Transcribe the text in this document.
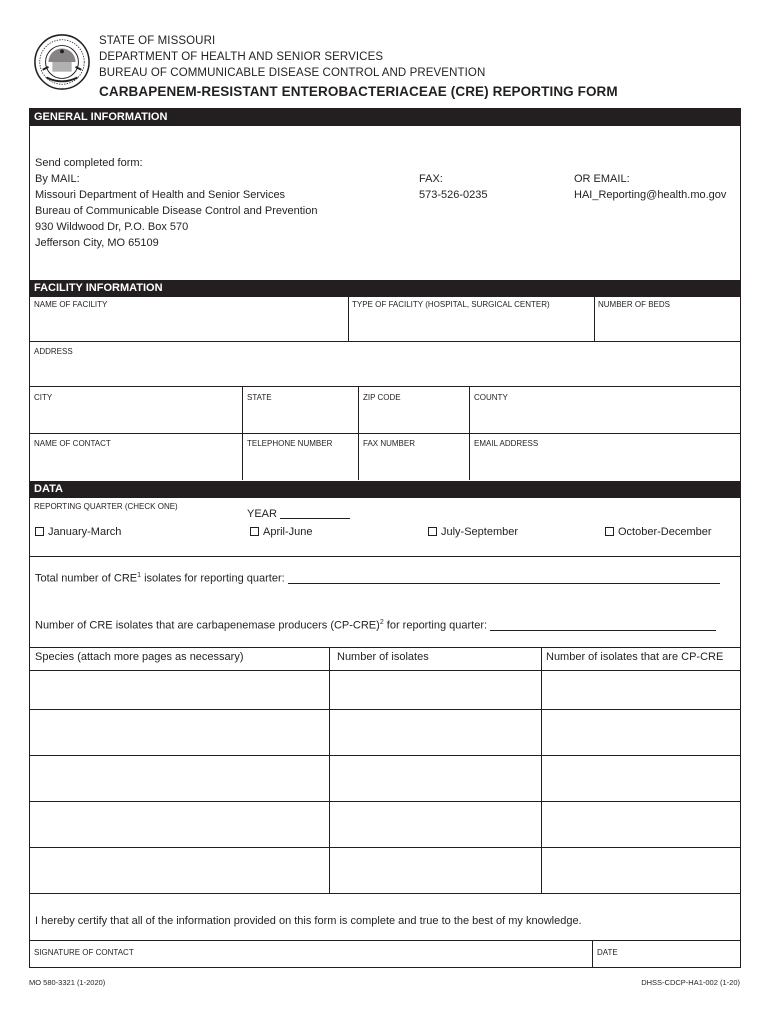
STATE OF MISSOURI
DEPARTMENT OF HEALTH AND SENIOR SERVICES
BUREAU OF COMMUNICABLE DISEASE CONTROL AND PREVENTION
CARBAPENEM-RESISTANT ENTEROBACTERIACEAE (CRE) REPORTING FORM
GENERAL INFORMATION
Send completed form:
By MAIL:
Missouri Department of Health and Senior Services
Bureau of Communicable Disease Control and Prevention
930 Wildwood Dr, P.O. Box 570
Jefferson City, MO 65109
FAX:
573-526-0235
OR EMAIL:
HAI_Reporting@health.mo.gov
FACILITY INFORMATION
NAME OF FACILITY	TYPE OF FACILITY (HOSPITAL, SURGICAL CENTER)	NUMBER OF BEDS
ADDRESS
CITY	STATE	ZIP CODE	COUNTY
NAME OF CONTACT	TELEPHONE NUMBER	FAX NUMBER	EMAIL ADDRESS
DATA
REPORTING QUARTER (CHECK ONE)
YEAR
January-March	April-June	July-September	October-December
Total number of CRE$^1$ isolates for reporting quarter:
Number of CRE isolates that are carbapenemase producers $(CP-CRE)^2$ for reporting quarter:
Species (attach more pages as necessary)	Number of isolates	Number of isolates that are CP-CRE
I hereby certify that all of the information provided on this form is complete and true to the best of my knowledge.
SIGNATURE OF CONTACT	DATE
MO 580-3321 (1-2020)	DHSS-CDCP-HA1-002 (1-20)
